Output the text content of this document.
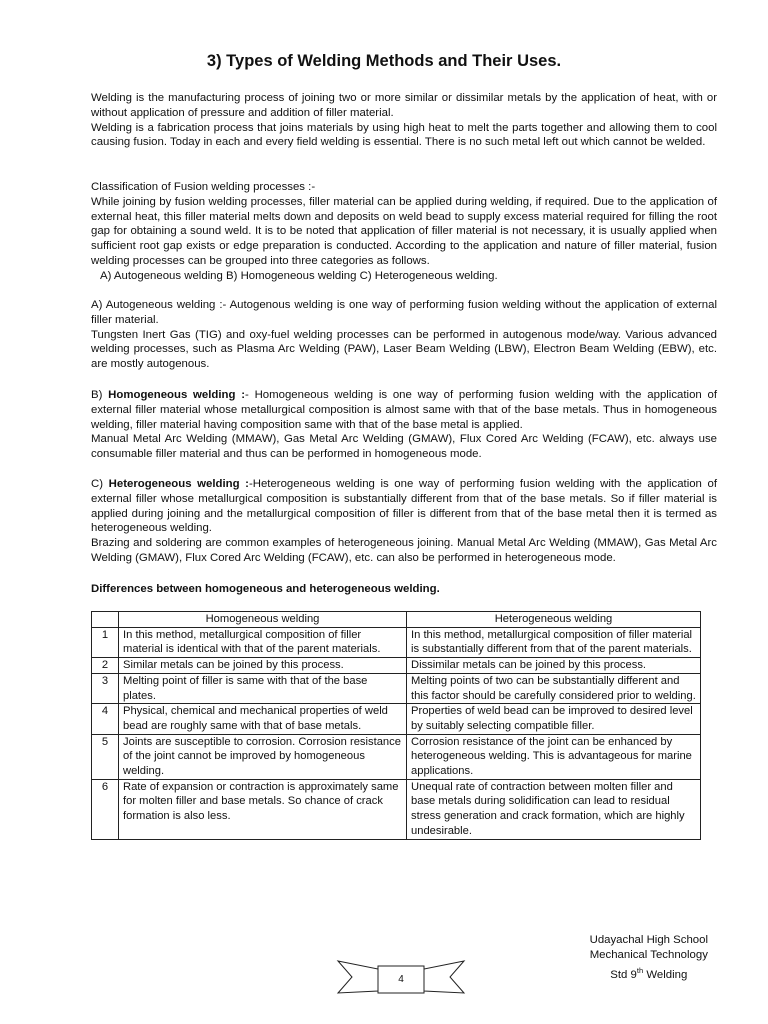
3) Types of Welding Methods and Their Uses.

Welding is the manufacturing process of joining two or more similar or dissimilar metals by the application of heat, with or without application of pressure and addition of filler material.

Welding is a fabrication process that joins materials by using high heat to melt the parts together and allowing them to cool causing fusion. Today in each and every field welding is essential. There is no such metal left out which cannot be welded.

Classification of Fusion welding processes :-

While joining by fusion welding processes, filler material can be applied during welding, if required. Due to the application of external heat, this filler material melts down and deposits on weld bead to supply excess material required for filling the root gap for obtaining a sound weld. It is to be noted that application of filler material is not necessary, it is usually applied when sufficient root gap exists or edge preparation is conducted. According to the application and nature of filler material, fusion welding processes can be grouped into three categories as follows.

A) Autogeneous welding B) Homogeneous welding C) Heterogeneous welding.

A) Autogeneous welding :- Autogenous welding is one way of performing fusion welding without the application of external filler material.

Tungsten Inert Gas (TIG) and oxy-fuel welding processes can be performed in autogenous mode/way. Various advanced welding processes, such as Plasma Arc Welding (PAW), Laser Beam Welding (LBW), Electron Beam Welding (EBW), etc. are mostly autogenous.

B) Homogeneous welding :- Homogeneous welding is one way of performing fusion welding with the application of external filler material whose metallurgical composition is almost same with that of the base metals. Thus in homogeneous welding, filler material having composition same with that of the base metal is applied.

Manual Metal Arc Welding (MMAW), Gas Metal Arc Welding (GMAW), Flux Cored Arc Welding (FCAW), etc. always use consumable filler material and thus can be performed in homogeneous mode.

C) Heterogeneous welding :-Heterogeneous welding is one way of performing fusion welding with the application of external filler whose metallurgical composition is substantially different from that of the base metals. So if filler material is applied during joining and the metallurgical composition of filler is different from that of the base metal then it is termed as heterogeneous welding.

Brazing and soldering are common examples of heterogeneous joining. Manual Metal Arc Welding (MMAW), Gas Metal Arc Welding (GMAW), Flux Cored Arc Welding (FCAW), etc. can also be performed in heterogeneous mode.

Differences between homogeneous and heterogeneous welding.
	Homogeneous welding	Heterogeneous welding
1	In this method, metallurgical composition of filler material is identical with that of the parent materials.	In this method, metallurgical composition of filler material is substantially different from that of the parent materials.
2	Similar metals can be joined by this process.	Dissimilar metals can be joined by this process.
3	Melting point of filler is same with that of the base plates.	Melting points of two can be substantially different and this factor should be carefully considered prior to welding.
4	Physical, chemical and mechanical properties of weld bead are roughly same with that of base metals.	Properties of weld bead can be improved to desired level by suitably selecting compatible filler.
5	Joints are susceptible to corrosion. Corrosion resistance of the joint cannot be improved by homogeneous welding.	Corrosion resistance of the joint can be enhanced by heterogeneous welding. This is advantageous for marine applications.
6	Rate of expansion or contraction is approximately same for molten filler and base metals. So chance of crack formation is also less.	Unequal rate of contraction between molten filler and base metals during solidification can lead to residual stress generation and crack formation, which are highly undesirable.
Udayachal High School
Mechanical Technology
Std 9th Welding
4
